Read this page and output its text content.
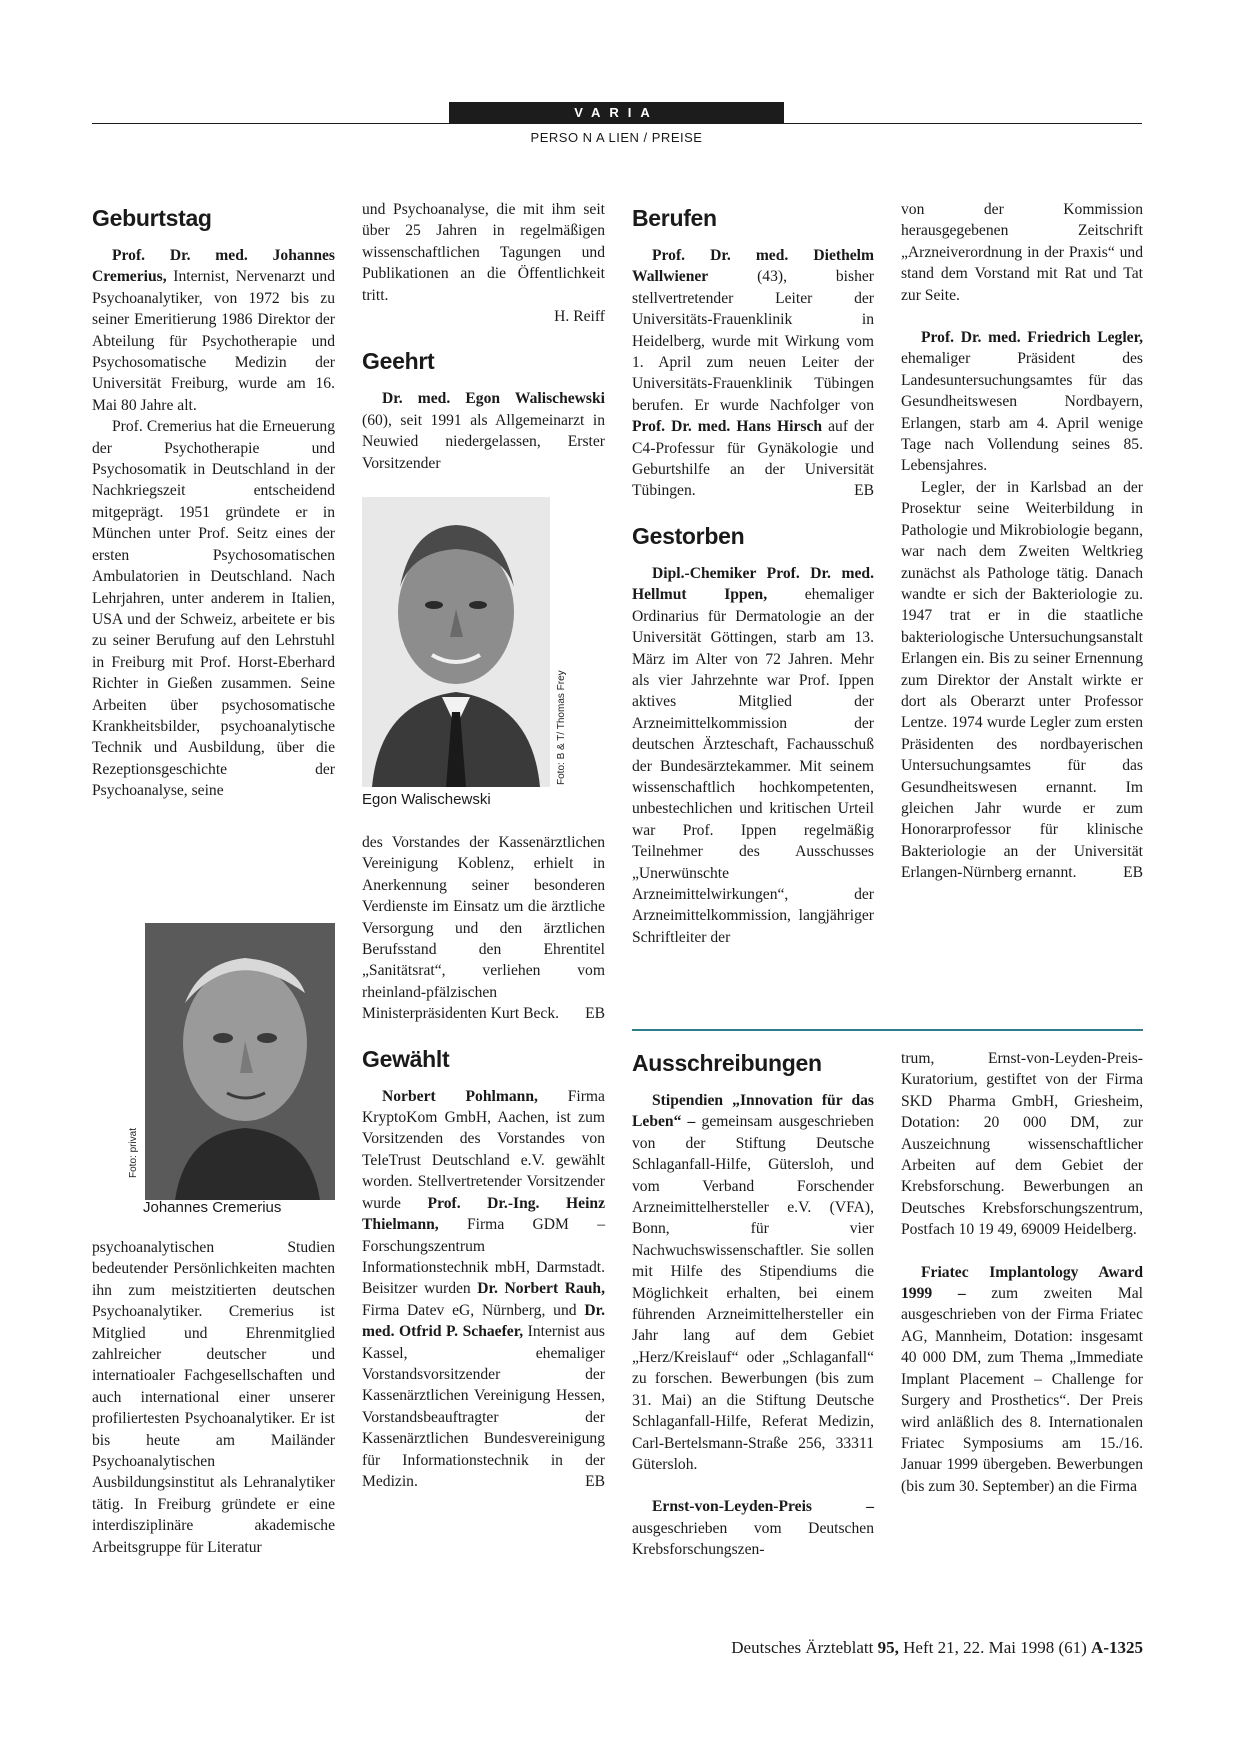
VARIA
PERSO N A LIEN / PREISE
Geburtstag

Prof. Dr. med. Johannes Cremerius, Internist, Nervenarzt und Psychoanalytiker, von 1972 bis zu seiner Emeritierung 1986 Direktor der Abteilung für Psychotherapie und Psychosomatische Medizin der Universität Freiburg, wurde am 16. Mai 80 Jahre alt.

Prof. Cremerius hat die Erneuerung der Psychotherapie und Psychosomatik in Deutschland in der Nachkriegszeit entscheidend mitgeprägt. 1951 gründete er in München unter Prof. Seitz eines der ersten Psychosomatischen Ambulatorien in Deutschland. Nach Lehrjahren, unter anderem in Italien, USA und der Schweiz, arbeitete er bis zu seiner Berufung auf den Lehrstuhl in Freiburg mit Prof. Horst-Eberhard Richter in Gießen zusammen. Seine Arbeiten über psychosomatische Krankheitsbilder, psychoanalytische Technik und Ausbildung, über die Rezeptionsgeschichte der Psychoanalyse, seine

Foto: privat
Johannes Cremerius

psychoanalytischen Studien bedeutender Persönlichkeiten machten ihn zum meistzitierten deutschen Psychoanalytiker. Cremerius ist Mitglied und Ehrenmitglied zahlreicher deutscher und internatioaler Fachgesellschaften und auch international einer unserer profiliertesten Psychoanalytiker. Er ist bis heute am Mailänder Psychoanalytischen Ausbildungsinstitut als Lehranalytiker tätig. In Freiburg gründete er eine interdisziplinäre akademische Arbeitsgruppe für Literatur

und Psychoanalyse, die mit ihm seit über 25 Jahren in regelmäßigen wissenschaftlichen Tagungen und Publikationen an die Öffentlichkeit tritt.

H. Reiff

Geehrt

Dr. med. Egon Walischewski (60), seit 1991 als Allgemeinarzt in Neuwied niedergelassen, Erster Vorsitzender

Foto: B & T/ Thomas Frey
Egon Walischewski

des Vorstandes der Kassenärztlichen Vereinigung Koblenz, erhielt in Anerkennung seiner besonderen Verdienste im Einsatz um die ärztliche Versorgung und den ärztlichen Berufsstand den Ehrentitel „Sanitätsrat“, verliehen vom rheinland-pfälzischen Ministerpräsidenten Kurt Beck.	EB

Gewählt

Norbert Pohlmann, Firma KryptoKom GmbH, Aachen, ist zum Vorsitzenden des Vorstandes von TeleTrust Deutschland e.V. gewählt worden. Stellvertretender Vorsitzender wurde Prof. Dr.-Ing. Heinz Thielmann, Firma GDM – Forschungszentrum Informationstechnik mbH, Darmstadt. Beisitzer wurden Dr. Norbert Rauh, Firma Datev eG, Nürnberg, und Dr. med. Otfrid P. Schaefer, Internist aus Kassel, ehemaliger Vorstandsvorsitzender der Kassenärztlichen Vereinigung Hessen, Vorstandsbeauftragter der Kassenärztlichen Bundesvereinigung für Informationstechnik in der Medizin.	EB

Berufen

Prof. Dr. med. Diethelm Wallwiener (43), bisher stellvertretender Leiter der Universitäts-Frauenklinik in Heidelberg, wurde mit Wirkung vom 1. April zum neuen Leiter der Universitäts-Frauenklinik Tübingen berufen. Er wurde Nachfolger von Prof. Dr. med. Hans Hirsch auf der C4-Professur für Gynäkologie und Geburtshilfe an der Universität Tübingen.	EB

Gestorben

Dipl.-Chemiker Prof. Dr. med. Hellmut Ippen, ehemaliger Ordinarius für Dermatologie an der Universität Göttingen, starb am 13. März im Alter von 72 Jahren. Mehr als vier Jahrzehnte war Prof. Ippen aktives Mitglied der Arzneimittelkommission der deutschen Ärzteschaft, Fachausschuß der Bundesärztekammer. Mit seinem wissenschaftlich hochkompetenten, unbestechlichen und kritischen Urteil war Prof. Ippen regelmäßig Teilnehmer des Ausschusses „Unerwünschte Arzneimittelwirkungen“, der Arzneimittelkommission, langjähriger Schriftleiter der

von der Kommission herausgegebenen Zeitschrift „Arzneiverordnung in der Praxis“ und stand dem Vorstand mit Rat und Tat zur Seite.

Prof. Dr. med. Friedrich Legler, ehemaliger Präsident des Landesuntersuchungsamtes für das Gesundheitswesen Nordbayern, Erlangen, starb am 4. April wenige Tage nach Vollendung seines 85. Lebensjahres.

Legler, der in Karlsbad an der Prosektur seine Weiterbildung in Pathologie und Mikrobiologie begann, war nach dem Zweiten Weltkrieg zunächst als Pathologe tätig. Danach wandte er sich der Bakteriologie zu. 1947 trat er in die staatliche bakteriologische Untersuchungsanstalt Erlangen ein. Bis zu seiner Ernennung zum Direktor der Anstalt wirkte er dort als Oberarzt unter Professor Lentze. 1974 wurde Legler zum ersten Präsidenten des nordbayerischen Untersuchungsamtes für das Gesundheitswesen ernannt. Im gleichen Jahr wurde er zum Honorarprofessor für klinische Bakteriologie an der Universität Erlangen-Nürnberg ernannt.	EB

Ausschreibungen

Stipendien „Innovation für das Leben“ – gemeinsam ausgeschrieben von der Stiftung Deutsche Schlaganfall-Hilfe, Gütersloh, und vom Verband Forschender Arzneimittelhersteller e.V. (VFA), Bonn, für vier Nachwuchswissenschaftler. Sie sollen mit Hilfe des Stipendiums die Möglichkeit erhalten, bei einem führenden Arzneimittelhersteller ein Jahr lang auf dem Gebiet „Herz/Kreislauf“ oder „Schlaganfall“ zu forschen. Bewerbungen (bis zum 31. Mai) an die Stiftung Deutsche Schlaganfall-Hilfe, Referat Medizin, Carl-Bertelsmann-Straße 256, 33311 Gütersloh.

Ernst-von-Leyden-Preis – ausgeschrieben vom Deutschen Krebsforschungszen-

trum, Ernst-von-Leyden-Preis-Kuratorium, gestiftet von der Firma SKD Pharma GmbH, Griesheim, Dotation: 20 000 DM, zur Auszeichnung wissenschaftlicher Arbeiten auf dem Gebiet der Krebsforschung. Bewerbungen an Deutsches Krebsforschungszentrum, Postfach 10 19 49, 69009 Heidelberg.

Friatec Implantology Award 1999 – zum zweiten Mal ausgeschrieben von der Firma Friatec AG, Mannheim, Dotation: insgesamt 40 000 DM, zum Thema „Immediate Implant Placement – Challenge for Surgery and Prosthetics“. Der Preis wird anläßlich des 8. Internationalen Friatec Symposiums am 15./16. Januar 1999 übergeben. Bewerbungen (bis zum 30. September) an die Firma

Deutsches Ärzteblatt 95, Heft 21, 22. Mai 1998 (61) A-1325
